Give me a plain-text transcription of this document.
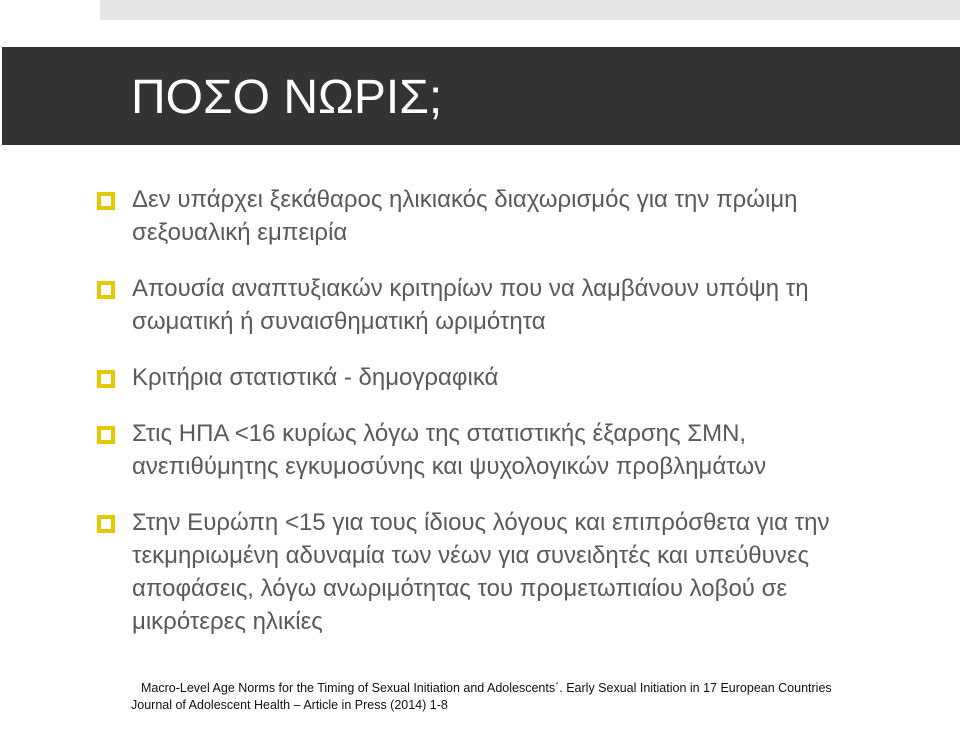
ΠΟΣΟ ΝΩΡΙΣ;
Δεν υπάρχει ξεκάθαρος ηλικιακός διαχωρισμός για την πρώιμη σεξουαλική εμπειρία
Απουσία αναπτυξιακών κριτηρίων που να λαμβάνουν υπόψη τη σωματική ή συναισθηματική ωριμότητα
Κριτήρια στατιστικά - δημογραφικά
Στις ΗΠΑ <16 κυρίως λόγω της στατιστικής έξαρσης ΣΜΝ, ανεπιθύμητης εγκυμοσύνης και ψυχολογικών προβλημάτων
Στην Ευρώπη <15 για τους ίδιους λόγους και επιπρόσθετα για την τεκμηριωμένη αδυναμία των νέων για συνειδητές και υπεύθυνες αποφάσεις, λόγω ανωριμότητας του προμετωπιαίου λοβού σε μικρότερες ηλικίες
Macro-Level Age Norms for the Timing of Sexual Initiation and Adolescents΄. Early Sexual Initiation in 17 European Countries
Journal of Adolescent Health – Article in Press (2014) 1-8
